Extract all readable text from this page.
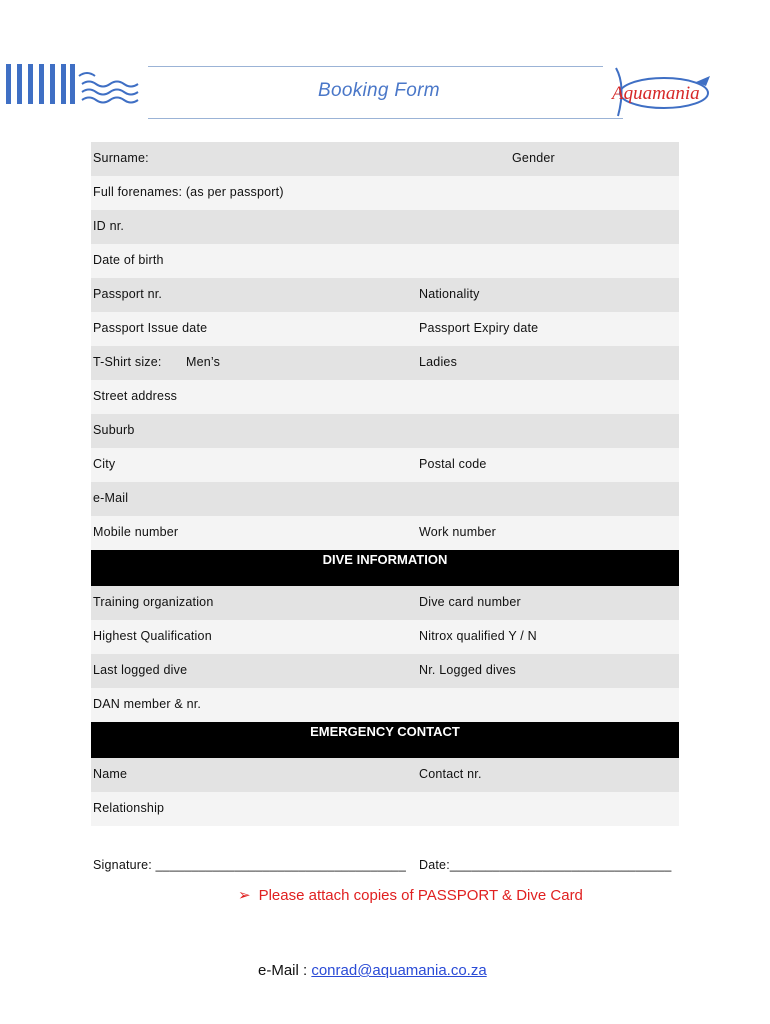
Booking Form	Aquamania
Surname:	Gender
Full forenames: (as per passport)
ID nr.
Date of birth
Passport nr.	Nationality
Passport Issue date	Passport Expiry date
T-Shirt size: Men’s	Ladies
Street address
Suburb
City	Postal code
e-Mail
Mobile number	Work number
DIVE INFORMATION
Training organization	Dive card number
Highest Qualification	Nitrox qualified Y / N
Last logged dive	Nr. Logged dives
DAN member & nr.
EMERGENCY CONTACT
Name	Contact nr.
Relationship
Signature: ___________________________________ Date:_______________________________
➢ Please attach copies of PASSPORT & Dive Card
e-Mail : conrad@aquamania.co.za
